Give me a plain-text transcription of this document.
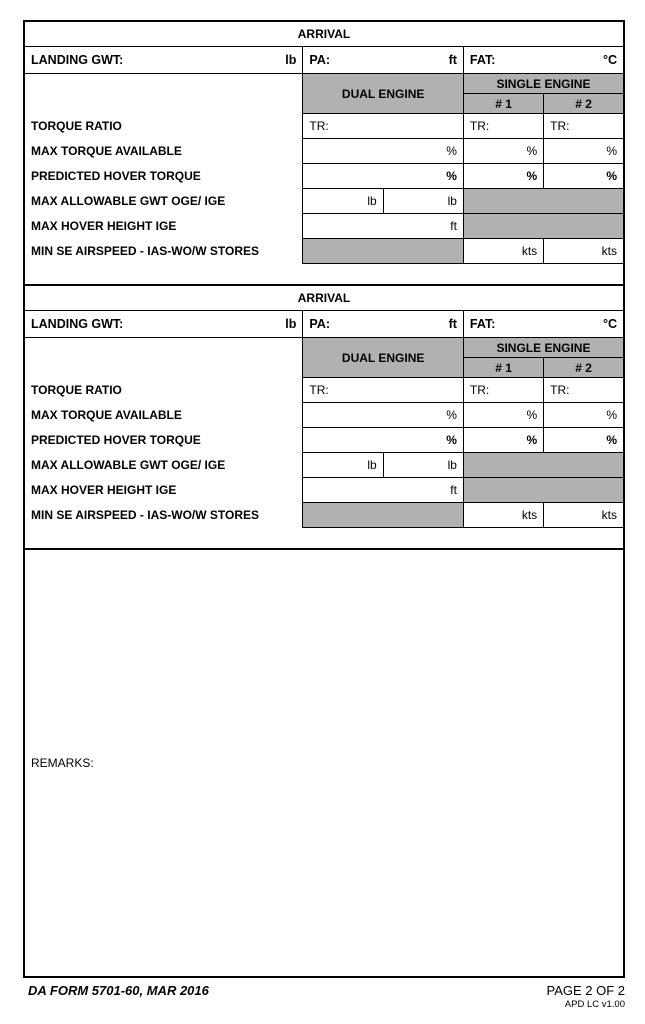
ARRIVAL				

LANDING GWT: lb	PA: ft		FAT: °C	

	DUAL ENGINE		SINGLE ENGINE	
			# 1	# 2
TORQUE RATIO	TR:		TR:	TR:
MAX TORQUE AVAILABLE	%		%	%
PREDICTED HOVER TORQUE	%		%	%
MAX ALLOWABLE GWT OGE/ IGE	lb	lb		
MAX HOVER HEIGHT IGE	ft			
MIN SE AIRSPEED - IAS-WO/W STORES			kts	kts

ARRIVAL				

LANDING GWT: lb	PA: ft		FAT: °C	

	DUAL ENGINE		SINGLE ENGINE	
			# 1	# 2
TORQUE RATIO	TR:		TR:	TR:
MAX TORQUE AVAILABLE	%		%	%
PREDICTED HOVER TORQUE	%		%	%
MAX ALLOWABLE GWT OGE/ IGE	lb	lb		
MAX HOVER HEIGHT IGE	ft			
MIN SE AIRSPEED - IAS-WO/W STORES			kts	kts

REMARKS:
DA FORM 5701-60, MAR 2016	PAGE 2 OF 2
APD LC v1.00
